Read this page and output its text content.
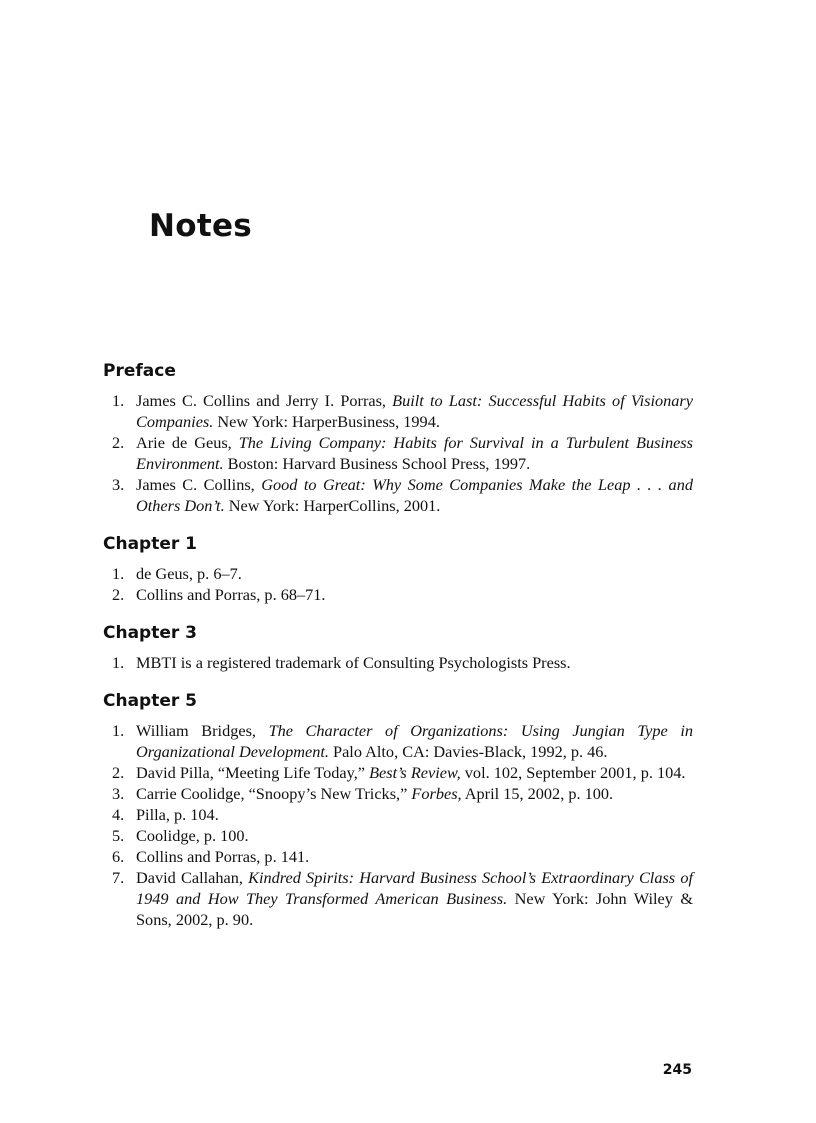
Notes
Preface
1. James C. Collins and Jerry I. Porras, Built to Last: Successful Habits of Visionary Companies. New York: HarperBusiness, 1994.
2. Arie de Geus, The Living Company: Habits for Survival in a Turbulent Business Environment. Boston: Harvard Business School Press, 1997.
3. James C. Collins, Good to Great: Why Some Companies Make the Leap . . . and Others Don’t. New York: HarperCollins, 2001.
Chapter 1
1. de Geus, p. 6–7.
2. Collins and Porras, p. 68–71.
Chapter 3
1. MBTI is a registered trademark of Consulting Psychologists Press.
Chapter 5
1. William Bridges, The Character of Organizations: Using Jungian Type in Organizational Development. Palo Alto, CA: Davies-Black, 1992, p. 46.
2. David Pilla, “Meeting Life Today,” Best’s Review, vol. 102, September 2001, p. 104.
3. Carrie Coolidge, “Snoopy’s New Tricks,” Forbes, April 15, 2002, p. 100.
4. Pilla, p. 104.
5. Coolidge, p. 100.
6. Collins and Porras, p. 141.
7. David Callahan, Kindred Spirits: Harvard Business School’s Extraordinary Class of 1949 and How They Transformed American Business. New York: John Wiley & Sons, 2002, p. 90.

245
